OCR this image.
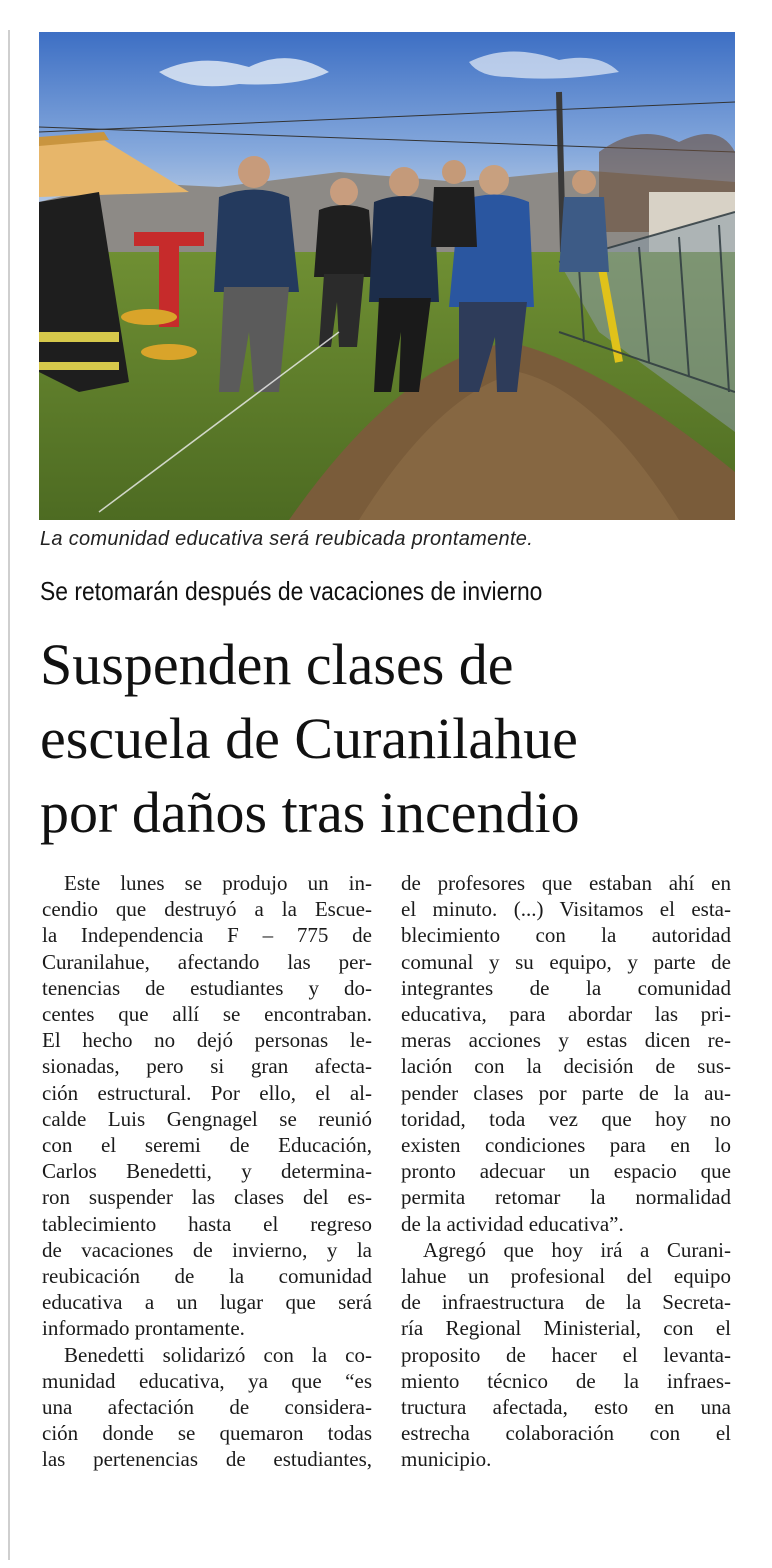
La comunidad educativa será reubicada prontamente.
Se retomarán después de vacaciones de invierno
Suspenden clases de
escuela de Curanilahue
por daños tras incendio

Este lunes se produjo un in-
cendio que destruyó a la Escue-
la Independencia F – 775 de
Curanilahue, afectando las per-
tenencias de estudiantes y do-
centes que allí se encontraban.
El hecho no dejó personas le-
sionadas, pero si gran afecta-
ción estructural. Por ello, el al-
calde Luis Gengnagel se reunió
con el seremi de Educación,
Carlos Benedetti, y determina-
ron suspender las clases del es-
tablecimiento hasta el regreso
de vacaciones de invierno, y la
reubicación de la comunidad
educativa a un lugar que será
informado prontamente.

Benedetti solidarizó con la co-
munidad educativa, ya que “es
una afectación de considera-
ción donde se quemaron todas
las pertenencias de estudiantes,

de profesores que estaban ahí en
el minuto. (...) Visitamos el esta-
blecimiento con la autoridad
comunal y su equipo, y parte de
integrantes de la comunidad
educativa, para abordar las pri-
meras acciones y estas dicen re-
lación con la decisión de sus-
pender clases por parte de la au-
toridad, toda vez que hoy no
existen condiciones para en lo
pronto adecuar un espacio que
permita retomar la normalidad
de la actividad educativa”.

Agregó que hoy irá a Curani-
lahue un profesional del equipo
de infraestructura de la Secreta-
ría Regional Ministerial, con el
proposito de hacer el levanta-
miento técnico de la infraes-
tructura afectada, esto en una
estrecha colaboración con el
municipio.
